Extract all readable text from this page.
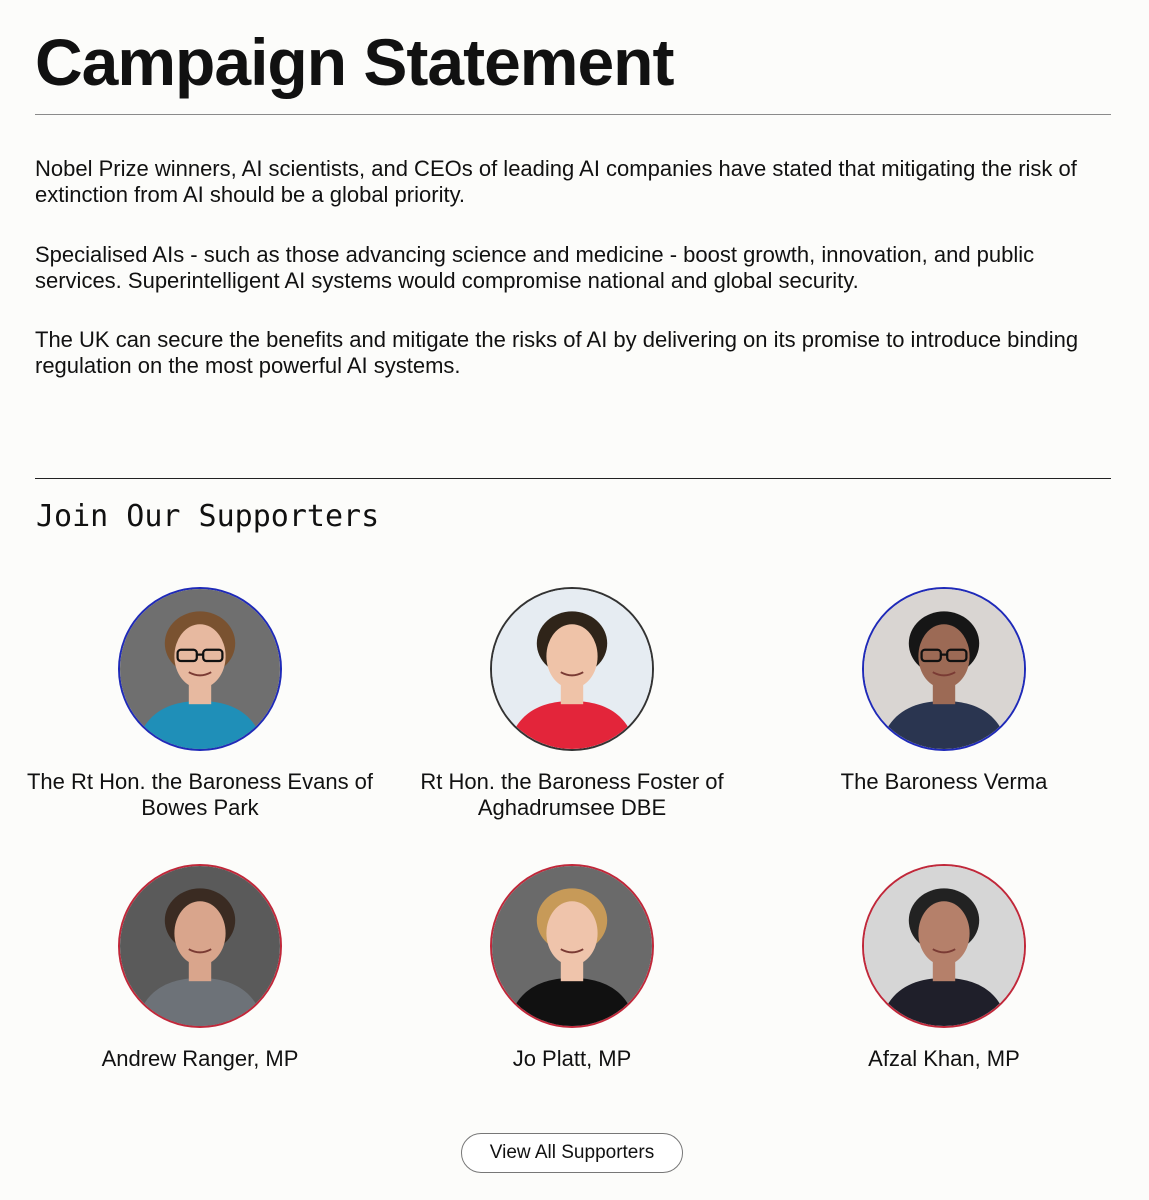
Campaign Statement

Nobel Prize winners, AI scientists, and CEOs of leading AI companies have stated that mitigating the risk of extinction from AI should be a global priority.

Specialised AIs - such as those advancing science and medicine - boost growth, innovation, and public services. Superintelligent AI systems would compromise national and global security.

The UK can secure the benefits and mitigate the risks of AI by delivering on its promise to introduce binding regulation on the most powerful AI systems.

Join Our Supporters
The Rt Hon. the Baroness Evans of Bowes Park
Rt Hon. the Baroness Foster of Aghadrumsee DBE
The Baroness Verma
Andrew Ranger, MP	Jo Platt, MP	Afzal Khan, MP
View All Supporters
